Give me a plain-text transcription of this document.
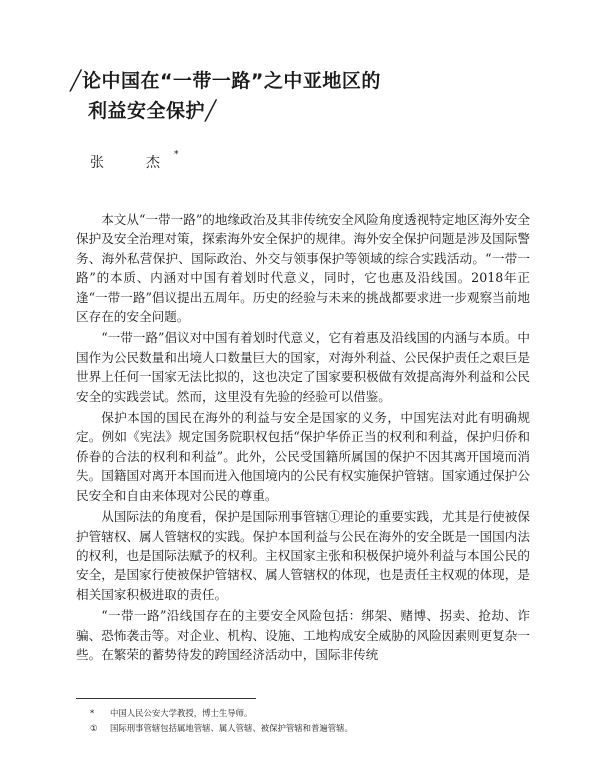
╱论中国在“一带一路”之中亚地区的
利益安全保护╱
张　杰*

本文从“一带一路”的地缘政治及其非传统安全风险角度透视特定地区海外安全保护及安全治理对策，探索海外安全保护的规律。海外安全保护问题是涉及国际警务、海外私营保护、国际政治、外交与领事保护等领域的综合实践活动。“一带一路”的本质、内涵对中国有着划时代意义，同时，它也惠及沿线国。2018年正逢“一带一路”倡议提出五周年。历史的经验与未来的挑战都要求进一步观察当前地区存在的安全问题。

“一带一路”倡议对中国有着划时代意义，它有着惠及沿线国的内涵与本质。中国作为公民数量和出境人口数量巨大的国家，对海外利益、公民保护责任之艰巨是世界上任何一国家无法比拟的，这也决定了国家要积极做有效提高海外利益和公民安全的实践尝试。然而，这里没有先验的经验可以借鉴。

保护本国的国民在海外的利益与安全是国家的义务，中国宪法对此有明确规定。例如《宪法》规定国务院职权包括“保护华侨正当的权利和利益，保护归侨和侨眷的合法的权利和利益”。此外，公民受国籍所属国的保护不因其离开国境而消失。国籍国对离开本国而进入他国境内的公民有权实施保护管辖。国家通过保护公民安全和自由来体现对公民的尊重。

从国际法的角度看，保护是国际刑事管辖①理论的重要实践，尤其是行使被保护管辖权、属人管辖权的实践。保护本国利益与公民在海外的安全既是一国国内法的权利，也是国际法赋予的权利。主权国家主张和积极保护境外利益与本国公民的安全，是国家行使被保护管辖权、属人管辖权的体现，也是责任主权观的体现，是相关国家积极进取的责任。

“一带一路”沿线国存在的主要安全风险包括：绑架、赌博、拐卖、抢劫、诈骗、恐怖袭击等。对企业、机构、设施、工地构成安全威胁的风险因素则更复杂一些。在繁荣的蓄势待发的跨国经济活动中，国际非传统

* 中国人民公安大学教授，博士生导师。
① 国际刑事管辖包括属地管辖、属人管辖、被保护管辖和普遍管辖。
